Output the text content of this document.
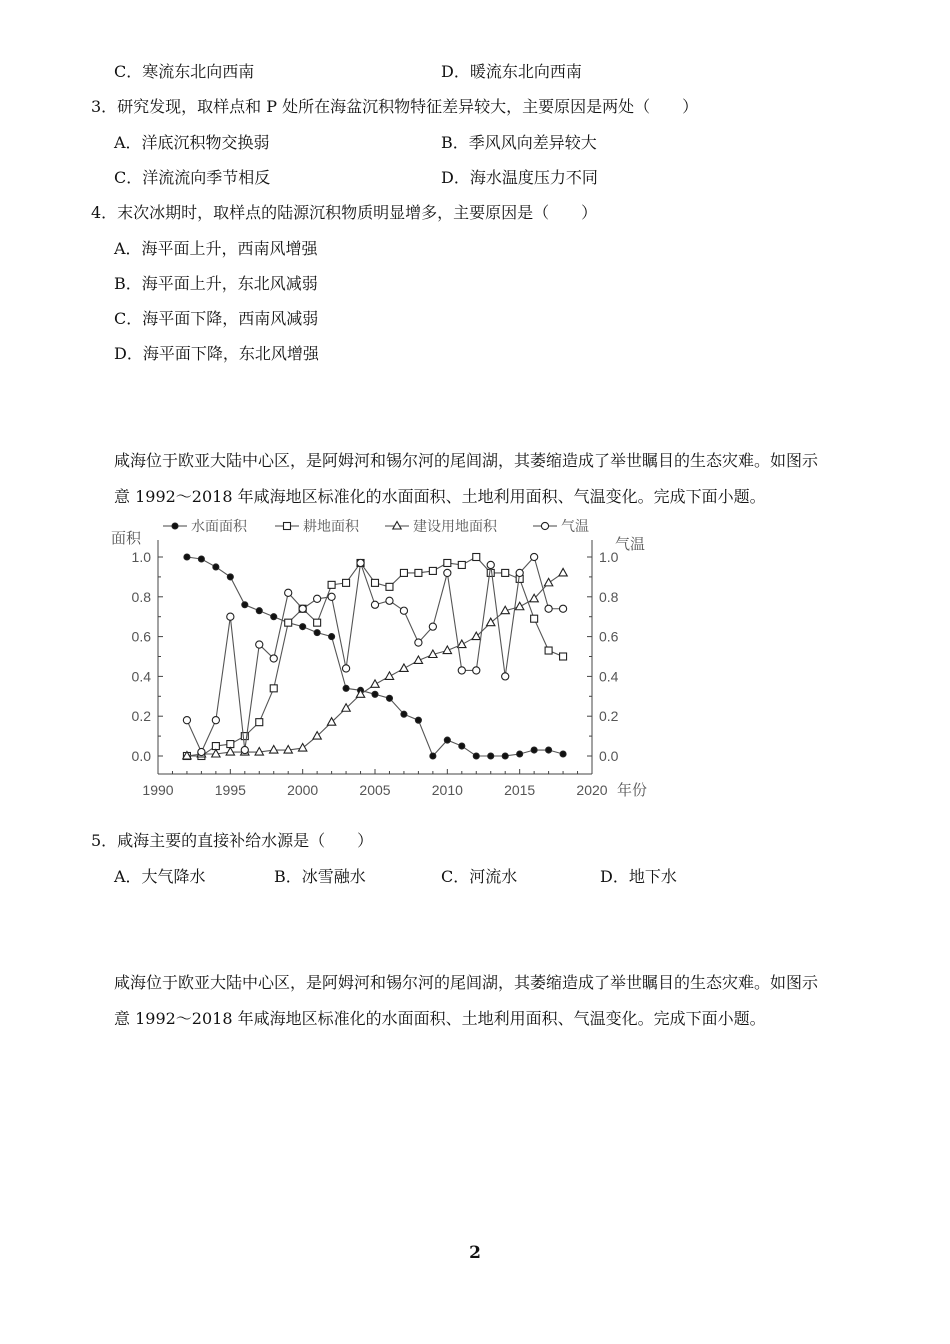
C．寒流东北向西南	D．暖流东北向西南
3．研究发现，取样点和 P 处所在海盆沉积物特征差异较大，主要原因是两处（　　）
A．洋底沉积物交换弱	B．季风风向差异较大
C．洋流流向季节相反	D．海水温度压力不同
4．末次冰期时，取样点的陆源沉积物质明显增多，主要原因是（　　）
A．海平面上升，西南风增强
B．海平面上升，东北风减弱
C．海平面下降，西南风减弱
D．海平面下降，东北风增强
咸海位于欧亚大陆中心区，是阿姆河和锡尔河的尾闾湖，其萎缩造成了举世瞩目的生态灾难。如图示
意 1992～2018 年咸海地区标准化的水面面积、土地利用面积、气温变化。完成下面小题。
水面面积	耕地面积	建设用地面积	气温
面积	气温
0.0	0.0
0.2	0.2
0.4	0.4
0.6	0.6
0.8	0.8
1.0	1.0
1990	1995	2000	2005	2010	2015	2020 年份
5．咸海主要的直接补给水源是（　　）
A．大气降水	B．冰雪融水	C．河流水	D．地下水
咸海位于欧亚大陆中心区，是阿姆河和锡尔河的尾闾湖，其萎缩造成了举世瞩目的生态灾难。如图示
意 1992～2018 年咸海地区标准化的水面面积、土地利用面积、气温变化。完成下面小题。
2
